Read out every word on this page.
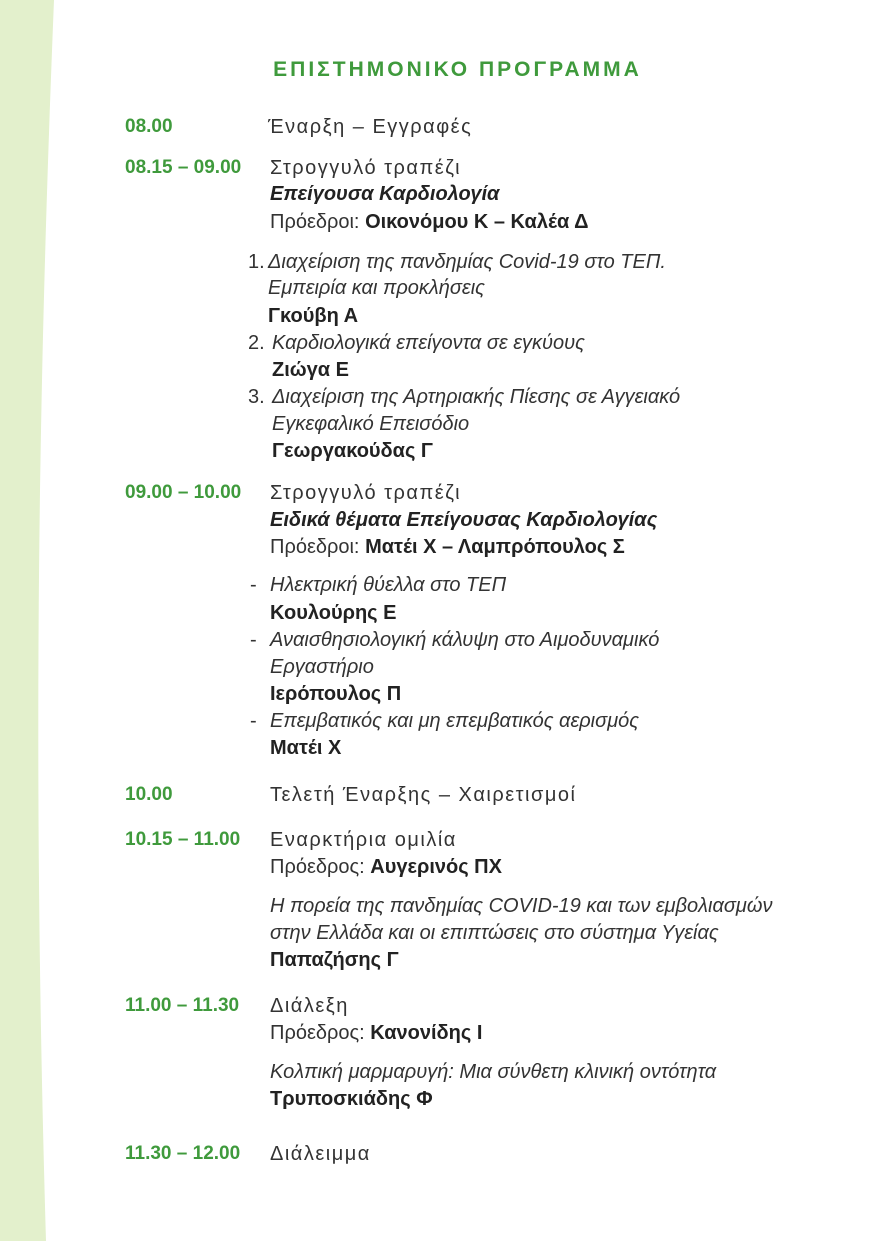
ΕΠΙΣΤΗΜΟΝΙΚΟ ΠΡΟΓΡΑΜΜΑ
08.00	Έναρξη – Εγγραφές
08.15 – 09.00 Στρογγυλό τραπέζι
Επείγουσα Καρδιολογία
Πρόεδροι: Οικονόμου Κ – Καλέα Δ
1. Διαχείριση της πανδημίας Covid-19 στο ΤΕΠ.
Εμπειρία και προκλήσεις
Γκούβη Α
2. Καρδιολογικά επείγοντα σε εγκύους
Ζιώγα Ε
3. Διαχείριση της Αρτηριακής Πίεσης σε Αγγειακό
Εγκεφαλικό Επεισόδιο
Γεωργακούδας Γ
09.00 – 10.00 Στρογγυλό τραπέζι
Ειδικά θέματα Επείγουσας Καρδιολογίας
Πρόεδροι: Ματέι Χ – Λαμπρόπουλος Σ
- Ηλεκτρική θύελλα στο ΤΕΠ
Κουλούρης Ε
- Αναισθησιολογική κάλυψη στο Αιμοδυναμικό
Εργαστήριο
Ιερόπουλος Π
- Επεμβατικός και μη επεμβατικός αερισμός
Ματέι Χ
10.00	Τελετή Έναρξης – Χαιρετισμοί
10.15 – 11.00 Εναρκτήρια ομιλία
Πρόεδρος: Αυγερινός ΠΧ
Η πορεία της πανδημίας COVID-19 και των εμβολιασμών
στην Ελλάδα και οι επιπτώσεις στο σύστημα Υγείας
Παπαζήσης Γ
11.00 – 11.30 Διάλεξη
Πρόεδρος: Κανονίδης Ι
Κολπική μαρμαρυγή: Μια σύνθετη κλινική οντότητα
Τρυποσκιάδης Φ
11.30 – 12.00 Διάλειμμα
